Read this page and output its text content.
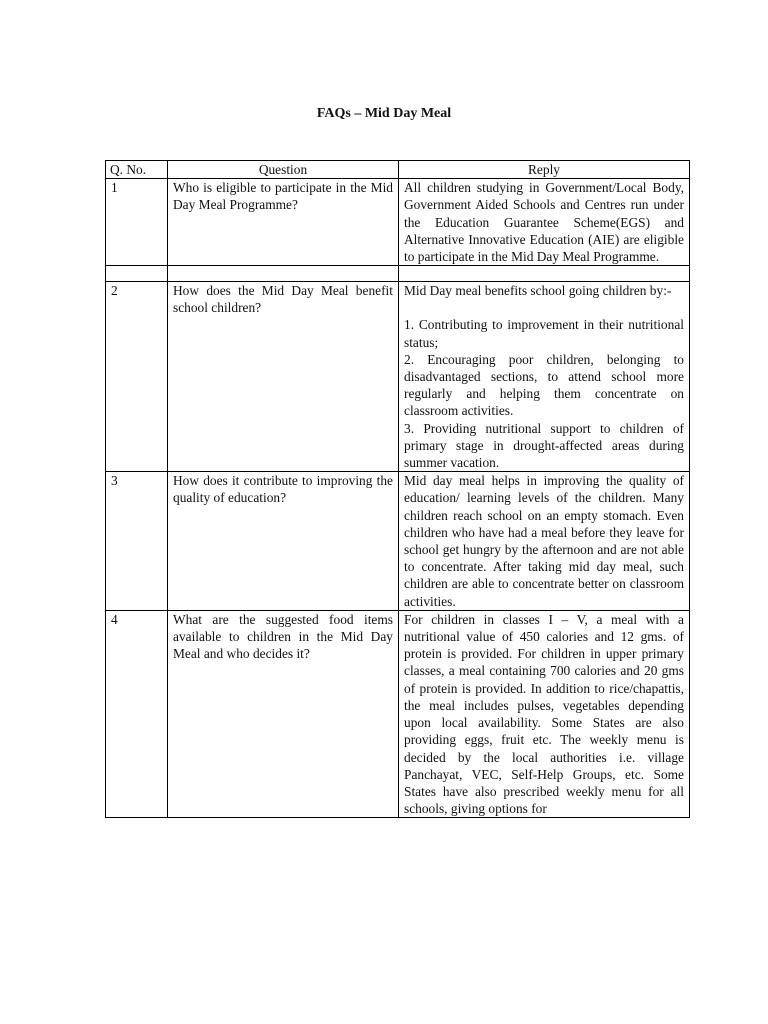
FAQs – Mid Day Meal
Q. No.	Question	Reply
1	Who is eligible to participate in the Mid Day Meal Programme?	All children studying in Government/Local Body, Government Aided Schools and Centres run under the Education Guarantee Scheme(EGS) and Alternative Innovative Education (AIE) are eligible to participate in the Mid Day Meal Programme.

2	How does the Mid Day Meal benefit school children?	Mid Day meal benefits school going children by:-

1. Contributing to improvement in their nutritional status;

2. Encouraging poor children, belonging to disadvantaged sections, to attend school more regularly and helping them concentrate on classroom activities.

3. Providing nutritional support to children of primary stage in drought-affected areas during summer vacation.

3	How does it contribute to improving the quality of education?	Mid day meal helps in improving the quality of education/ learning levels of the children. Many children reach school on an empty stomach. Even children who have had a meal before they leave for school get hungry by the afternoon and are not able to concentrate. After taking mid day meal, such children are able to concentrate better on classroom activities.

4	What are the suggested food items available to children in the Mid Day Meal and who decides it?	For children in classes I – V, a meal with a nutritional value of 450 calories and 12 gms. of protein is provided. For children in upper primary classes, a meal containing 700 calories and 20 gms of protein is provided. In addition to rice/chapattis, the meal includes pulses, vegetables depending upon local availability. Some States are also providing eggs, fruit etc. The weekly menu is decided by the local authorities i.e. village Panchayat, VEC, Self-Help Groups, etc. Some States have also prescribed weekly menu for all schools, giving options for
